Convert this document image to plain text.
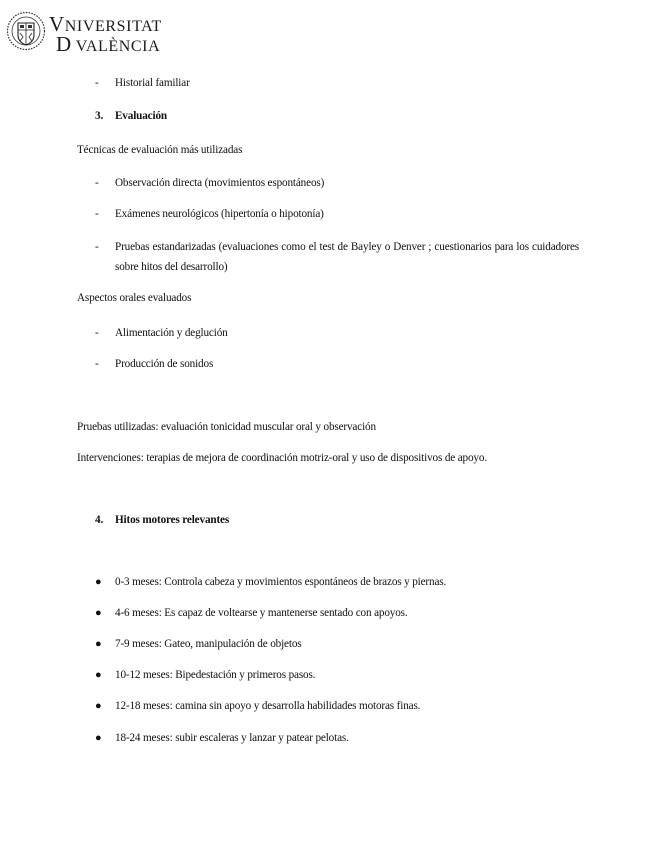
VNIVERSITAT
D VALÈNCIA
- Historial familiar
3. Evaluación
Técnicas de evaluación más utilizadas
- Observación directa (movimientos espontáneos)
- Exámenes neurológicos (hipertonía o hipotonía)
- Pruebas estandarizadas (evaluaciones como el test de Bayley o Denver ; cuestionarios para los cuidadores sobre hitos del desarrollo)
Aspectos orales evaluados
- Alimentación y deglución
- Producción de sonidos
Pruebas utilizadas: evaluación tonicidad muscular oral y observación
Intervenciones: terapias de mejora de coordinación motriz-oral y uso de dispositivos de apoyo.
4. Hitos motores relevantes
● 0-3 meses: Controla cabeza y movimientos espontáneos de brazos y piernas.
● 4-6 meses: Es capaz de voltearse y mantenerse sentado con apoyos.
● 7-9 meses: Gateo, manipulación de objetos
● 10-12 meses: Bipedestación y primeros pasos.
● 12-18 meses: camina sin apoyo y desarrolla habilidades motoras finas.
● 18-24 meses: subir escaleras y lanzar y patear pelotas.
